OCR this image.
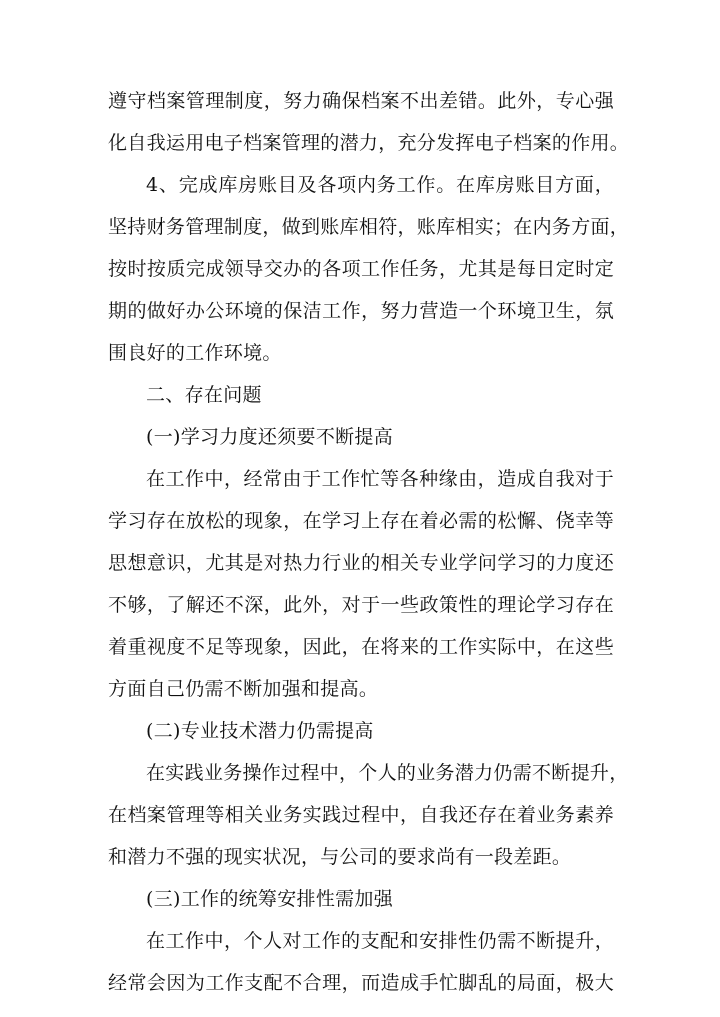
遵守档案管理制度，努力确保档案不出差错。此外，专心强
化自我运用电子档案管理的潜力，充分发挥电子档案的作用。
4、完成库房账目及各项内务工作。在库房账目方面，
坚持财务管理制度，做到账库相符，账库相实；在内务方面，
按时按质完成领导交办的各项工作任务，尤其是每日定时定
期的做好办公环境的保洁工作，努力营造一个环境卫生，氛
围良好的工作环境。
二、存在问题
(一)学习力度还须要不断提高
在工作中，经常由于工作忙等各种缘由，造成自我对于
学习存在放松的现象，在学习上存在着必需的松懈、侥幸等
思想意识，尤其是对热力行业的相关专业学问学习的力度还
不够，了解还不深，此外，对于一些政策性的理论学习存在
着重视度不足等现象，因此，在将来的工作实际中，在这些
方面自己仍需不断加强和提高。
(二)专业技术潜力仍需提高
在实践业务操作过程中，个人的业务潜力仍需不断提升，
在档案管理等相关业务实践过程中，自我还存在着业务素养
和潜力不强的现实状况，与公司的要求尚有一段差距。
(三)工作的统筹安排性需加强
在工作中，个人对工作的支配和安排性仍需不断提升，
经常会因为工作支配不合理，而造成手忙脚乱的局面，极大
